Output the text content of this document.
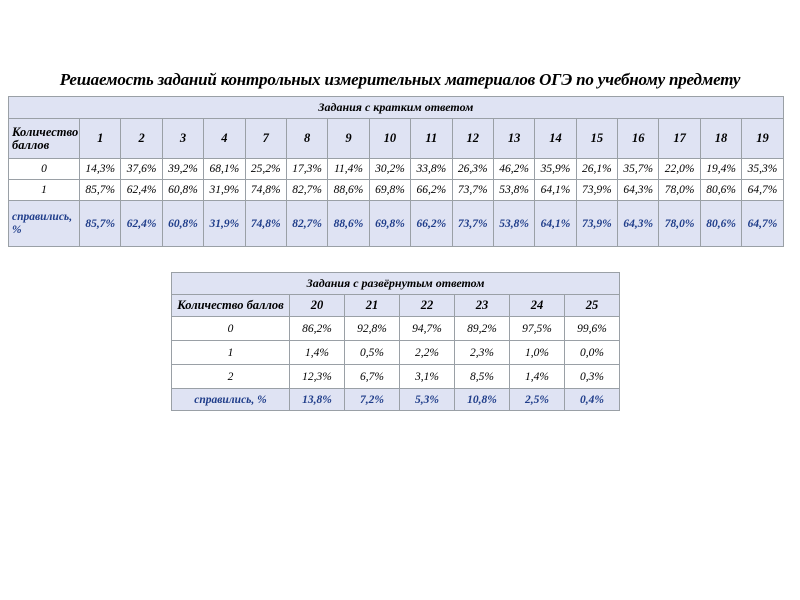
Решаемость заданий контрольных измерительных материалов ОГЭ по учебному предмету
Задания с кратким ответом																	
Количество баллов	1	2	3	4	7	8	9	10	11	12	13	14	15	16	17	18	19
0	14,3%	37,6%	39,2%	68,1%	25,2%	17,3%	11,4%	30,2%	33,8%	26,3%	46,2%	35,9%	26,1%	35,7%	22,0%	19,4%	35,3%
1	85,7%	62,4%	60,8%	31,9%	74,8%	82,7%	88,6%	69,8%	66,2%	73,7%	53,8%	64,1%	73,9%	64,3%	78,0%	80,6%	64,7%
справились, %	85,7%	62,4%	60,8%	31,9%	74,8%	82,7%	88,6%	69,8%	66,2%	73,7%	53,8%	64,1%	73,9%	64,3%	78,0%	80,6%	64,7%
Задания с развёрнутым ответом						
Количество баллов	20	21	22	23	24	25
0	86,2%	92,8%	94,7%	89,2%	97,5%	99,6%
1	1,4%	0,5%	2,2%	2,3%	1,0%	0,0%
2	12,3%	6,7%	3,1%	8,5%	1,4%	0,3%
справились, %	13,8%	7,2%	5,3%	10,8%	2,5%	0,4%
